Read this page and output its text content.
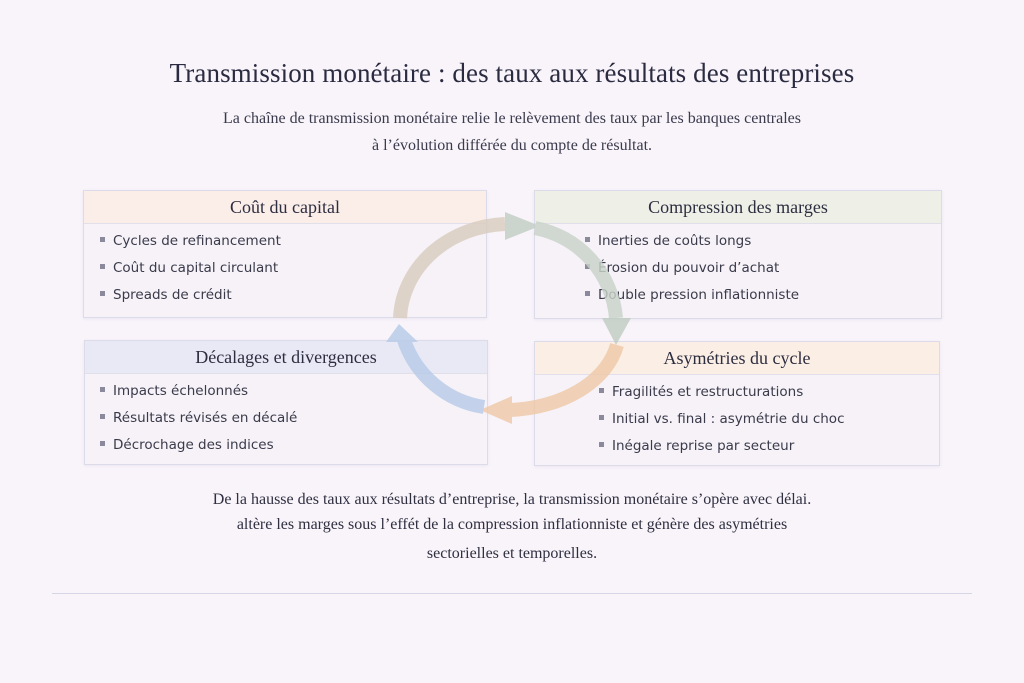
Transmission monétaire : des taux aux résultats des entreprises
La chaîne de transmission monétaire relie le relèvement des taux par les banques centrales
à l’évolution différée du compte de résultat.
Coût du capital
Cycles de refinancement
Coût du capital circulant
Spreads de crédit
Compression des marges
Inerties de coûts longs
Érosion du pouvoir d’achat
Double pression inflationniste
Décalages et divergences
Impacts échelonnés
Résultats révisés en décalé
Décrochage des indices
Asymétries du cycle
Fragilités et restructurations
Initial vs. final : asymétrie du choc
Inégale reprise par secteur
De la hausse des taux aux résultats d’entreprise, la transmission monétaire s’opère avec délai.
altère les marges sous l’effét de la compression inflationniste et génère des asymétries
sectorielles et temporelles.
